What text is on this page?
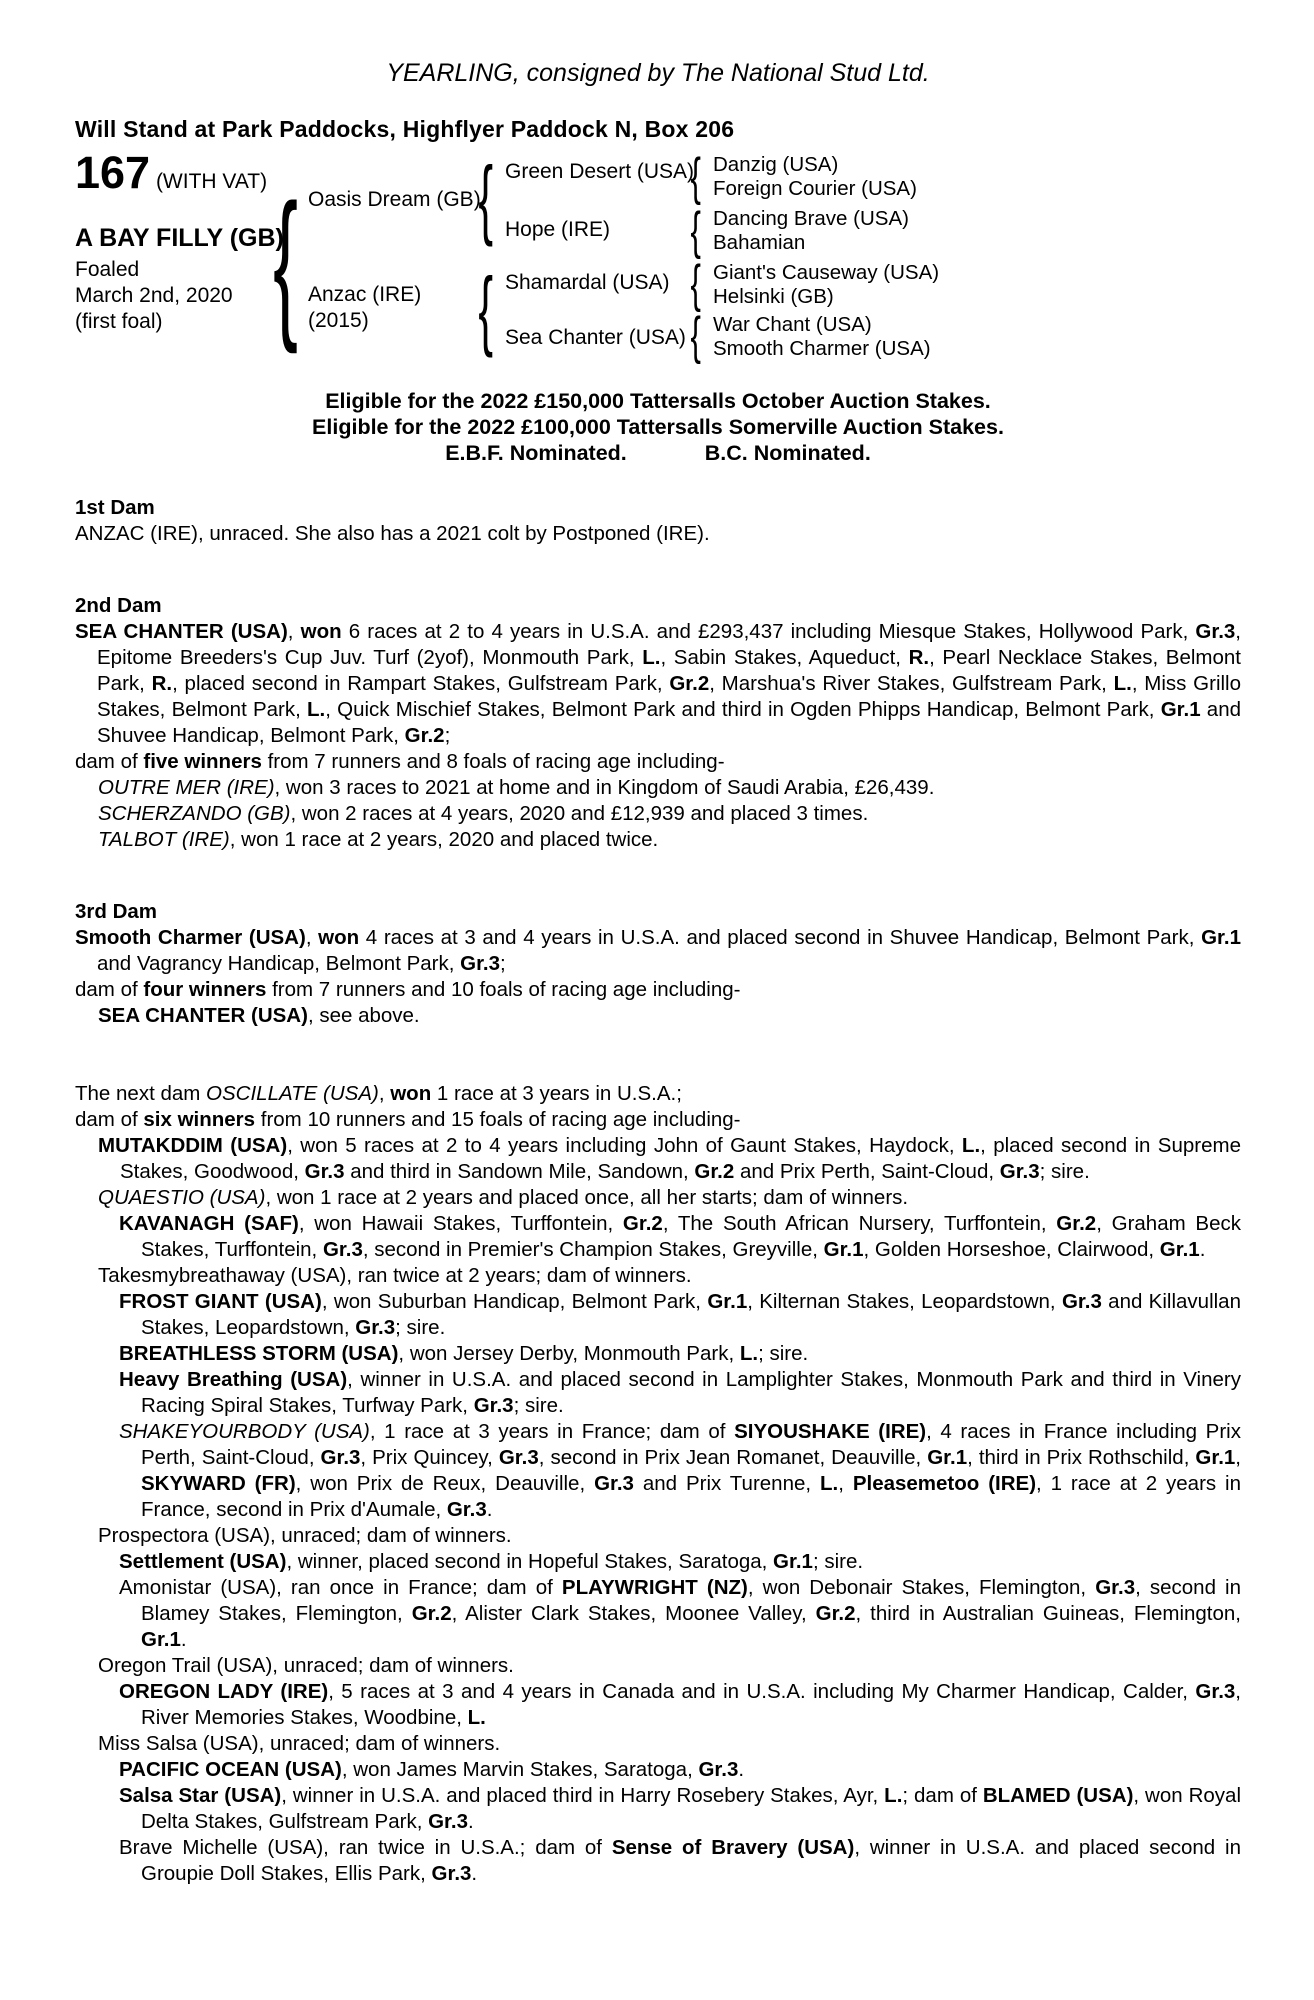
YEARLING, consigned by The National Stud Ltd.
Will Stand at Park Paddocks, Highflyer Paddock N, Box 206
167 (WITH VAT)
A BAY FILLY (GB)
Foaled
March 2nd, 2020
(first foal) { Oasis Dream (GB)
Anzac (IRE)
(2015)
{
{
Green Desert (USA)
Hope (IRE)
Shamardal (USA)
Sea Chanter (USA)
{
{
{
{
Danzig (USA)
Foreign Courier (USA)
Dancing Brave (USA)
Bahamian
Giant's Causeway (USA)
Helsinki (GB)
War Chant (USA)
Smooth Charmer (USA)
Eligible for the 2022 £150,000 Tattersalls October Auction Stakes.
Eligible for the 2022 £100,000 Tattersalls Somerville Auction Stakes.
E.B.F. Nominated.	B.C. Nominated.
1st Dam
ANZAC (IRE), unraced. She also has a 2021 colt by Postponed (IRE).
2nd Dam
SEA CHANTER (USA), won 6 races at 2 to 4 years in U.S.A. and £293,437 including Miesque Stakes, Hollywood Park, Gr.3, Epitome Breeders's Cup Juv. Turf (2yof), Monmouth Park, L., Sabin Stakes, Aqueduct, R., Pearl Necklace Stakes, Belmont Park, R., placed second in Rampart Stakes, Gulfstream Park, Gr.2, Marshua's River Stakes, Gulfstream Park, L., Miss Grillo Stakes, Belmont Park, L., Quick Mischief Stakes, Belmont Park and third in Ogden Phipps Handicap, Belmont Park, Gr.1 and Shuvee Handicap, Belmont Park, Gr.2;
dam of five winners from 7 runners and 8 foals of racing age including-
OUTRE MER (IRE), won 3 races to 2021 at home and in Kingdom of Saudi Arabia, £26,439.
SCHERZANDO (GB), won 2 races at 4 years, 2020 and £12,939 and placed 3 times.
TALBOT (IRE), won 1 race at 2 years, 2020 and placed twice.
3rd Dam
Smooth Charmer (USA), won 4 races at 3 and 4 years in U.S.A. and placed second in Shuvee Handicap, Belmont Park, Gr.1 and Vagrancy Handicap, Belmont Park, Gr.3;
dam of four winners from 7 runners and 10 foals of racing age including-
SEA CHANTER (USA), see above.
The next dam OSCILLATE (USA), won 1 race at 3 years in U.S.A.;
dam of six winners from 10 runners and 15 foals of racing age including-
MUTAKDDIM (USA), won 5 races at 2 to 4 years including John of Gaunt Stakes, Haydock, L., placed second in Supreme Stakes, Goodwood, Gr.3 and third in Sandown Mile, Sandown, Gr.2 and Prix Perth, Saint-Cloud, Gr.3; sire.
QUAESTIO (USA), won 1 race at 2 years and placed once, all her starts; dam of winners.
KAVANAGH (SAF), won Hawaii Stakes, Turffontein, Gr.2, The South African Nursery, Turffontein, Gr.2, Graham Beck Stakes, Turffontein, Gr.3, second in Premier's Champion Stakes, Greyville, Gr.1, Golden Horseshoe, Clairwood, Gr.1.
Takesmybreathaway (USA), ran twice at 2 years; dam of winners.
FROST GIANT (USA), won Suburban Handicap, Belmont Park, Gr.1, Kilternan Stakes, Leopardstown, Gr.3 and Killavullan Stakes, Leopardstown, Gr.3; sire.
BREATHLESS STORM (USA), won Jersey Derby, Monmouth Park, L.; sire.
Heavy Breathing (USA), winner in U.S.A. and placed second in Lamplighter Stakes, Monmouth Park and third in Vinery Racing Spiral Stakes, Turfway Park, Gr.3; sire.
SHAKEYOURBODY (USA), 1 race at 3 years in France; dam of SIYOUSHAKE (IRE), 4 races in France including Prix Perth, Saint-Cloud, Gr.3, Prix Quincey, Gr.3, second in Prix Jean Romanet, Deauville, Gr.1, third in Prix Rothschild, Gr.1, SKYWARD (FR), won Prix de Reux, Deauville, Gr.3 and Prix Turenne, L., Pleasemetoo (IRE), 1 race at 2 years in France, second in Prix d'Aumale, Gr.3.
Prospectora (USA), unraced; dam of winners.
Settlement (USA), winner, placed second in Hopeful Stakes, Saratoga, Gr.1; sire.
Amonistar (USA), ran once in France; dam of PLAYWRIGHT (NZ), won Debonair Stakes, Flemington, Gr.3, second in Blamey Stakes, Flemington, Gr.2, Alister Clark Stakes, Moonee Valley, Gr.2, third in Australian Guineas, Flemington, Gr.1.
Oregon Trail (USA), unraced; dam of winners.
OREGON LADY (IRE), 5 races at 3 and 4 years in Canada and in U.S.A. including My Charmer Handicap, Calder, Gr.3, River Memories Stakes, Woodbine, L.
Miss Salsa (USA), unraced; dam of winners.
PACIFIC OCEAN (USA), won James Marvin Stakes, Saratoga, Gr.3.
Salsa Star (USA), winner in U.S.A. and placed third in Harry Rosebery Stakes, Ayr, L.; dam of BLAMED (USA), won Royal Delta Stakes, Gulfstream Park, Gr.3.
Brave Michelle (USA), ran twice in U.S.A.; dam of Sense of Bravery (USA), winner in U.S.A. and placed second in Groupie Doll Stakes, Ellis Park, Gr.3.
